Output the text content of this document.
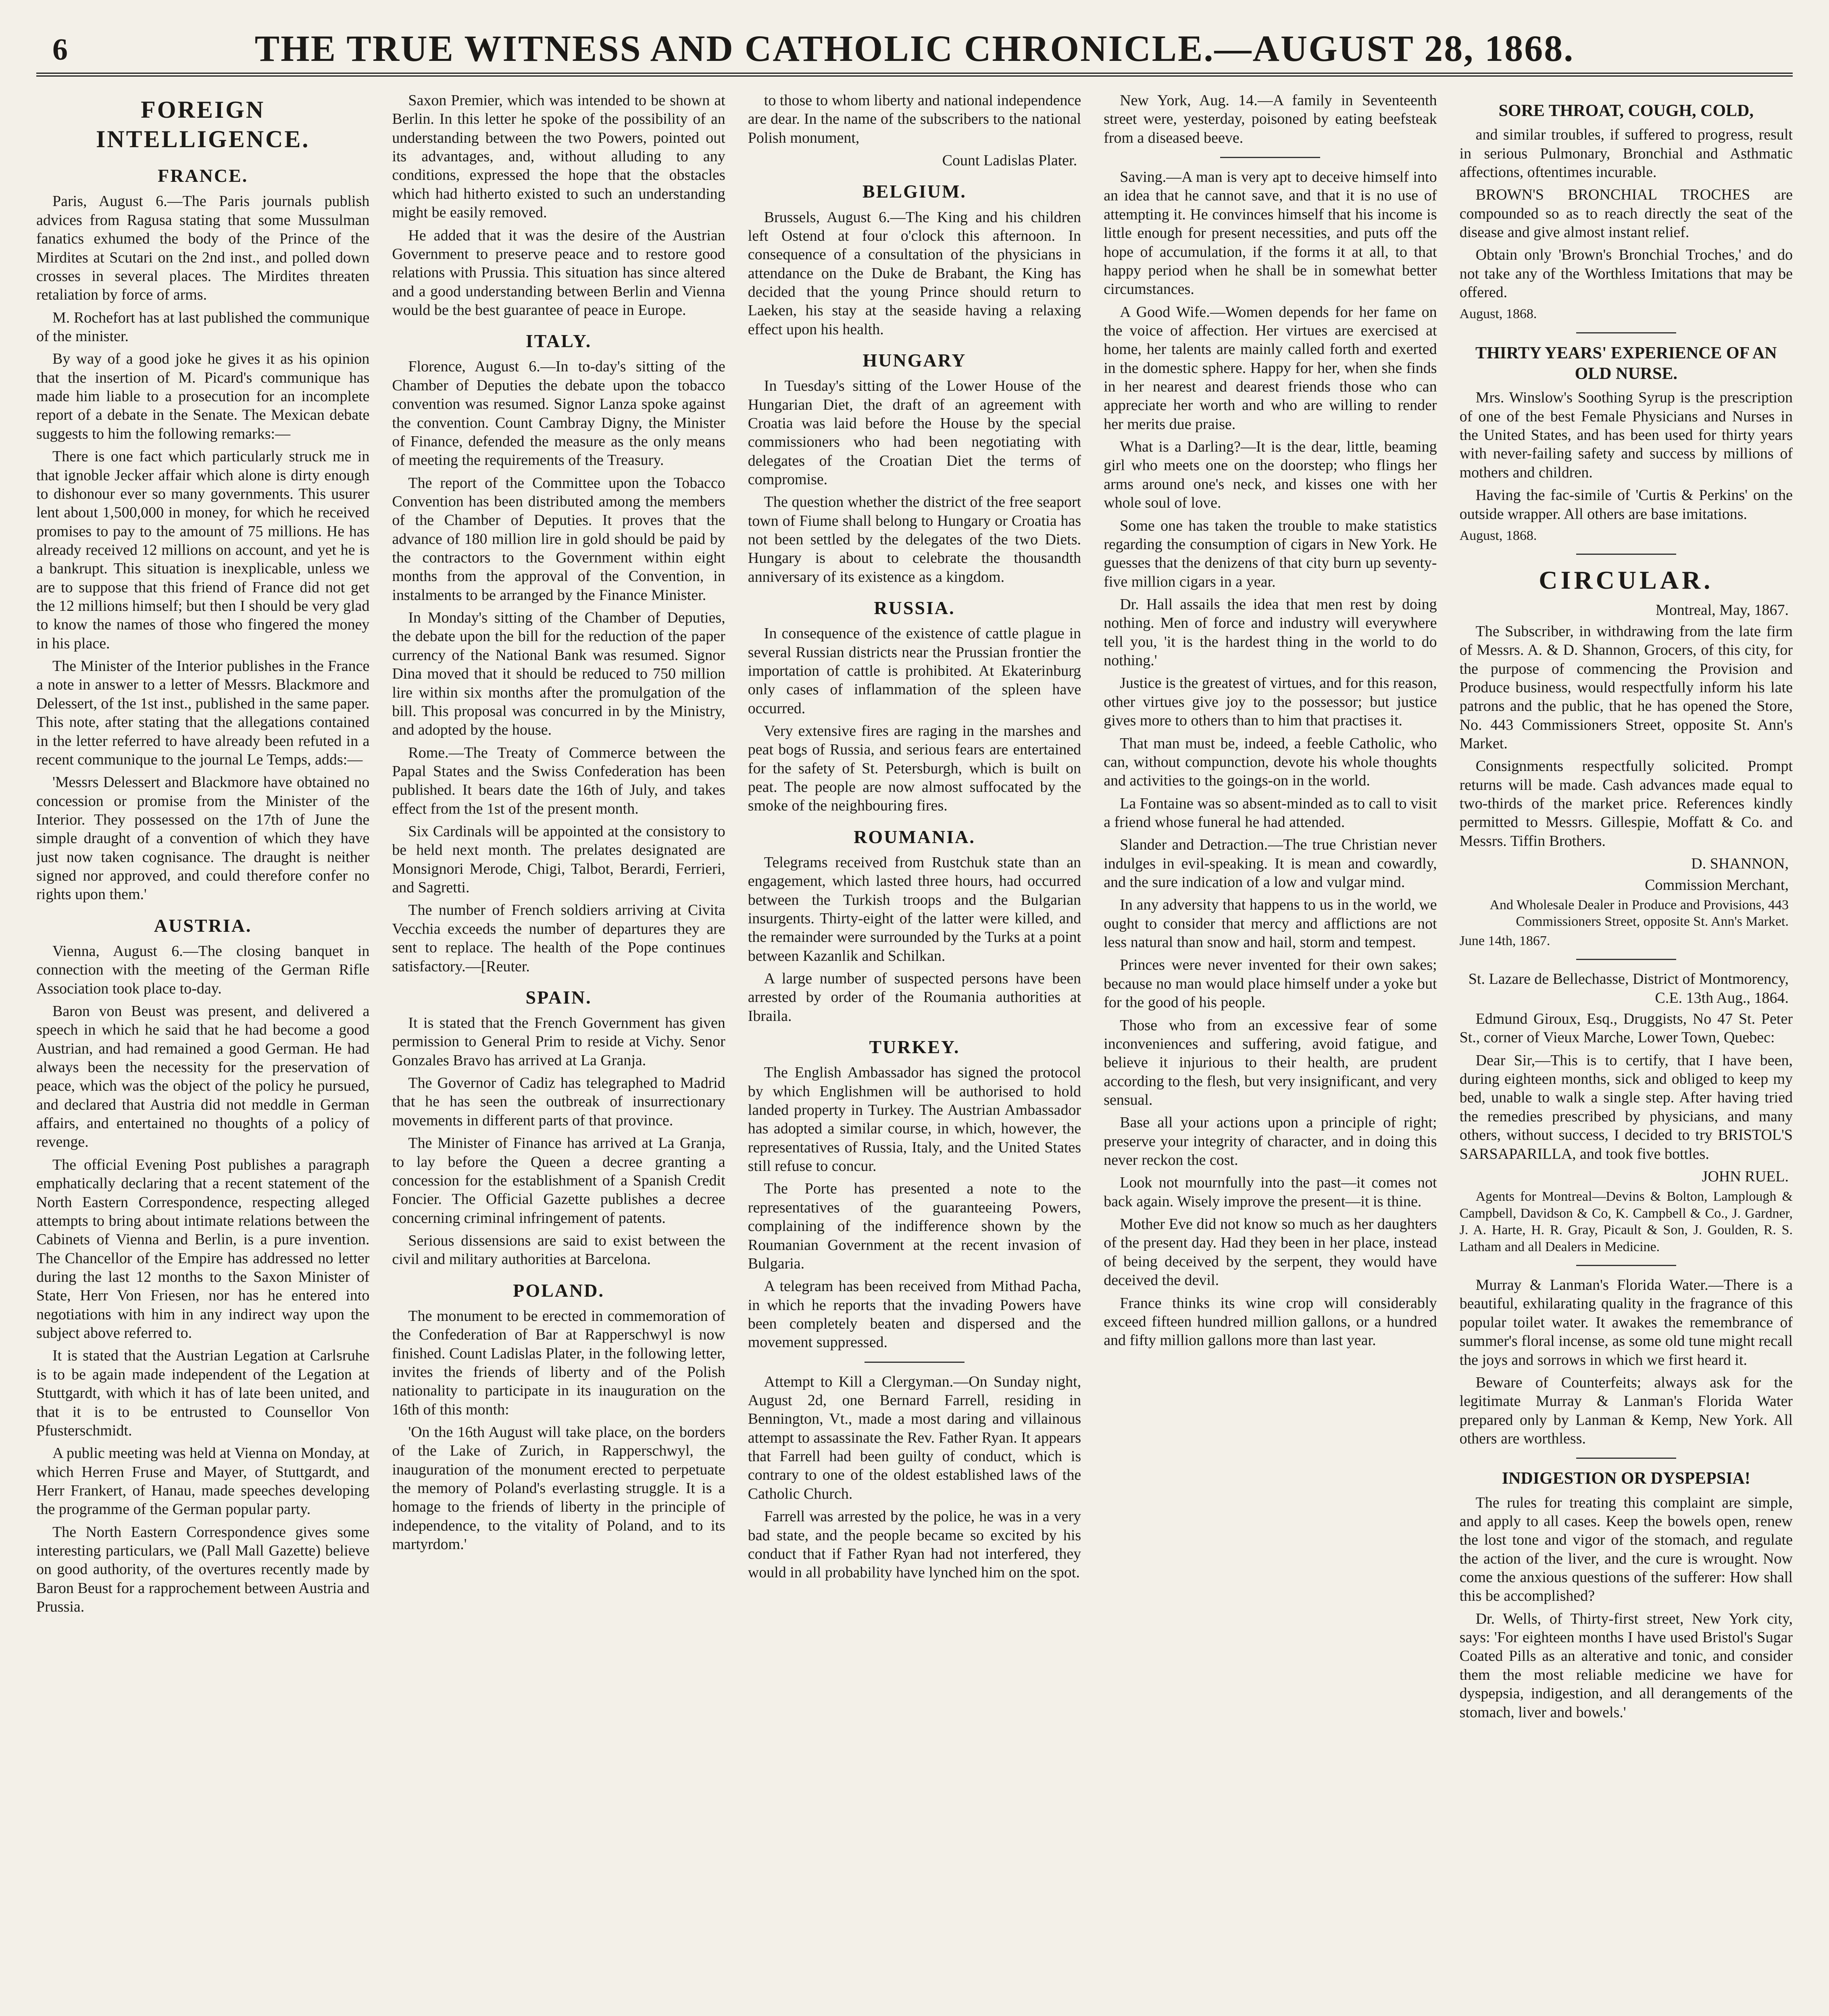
6	THE TRUE WITNESS AND CATHOLIC CHRONICLE.—AUGUST 28, 1868.
FOREIGN INTELLIGENCE.
FRANCE.

Paris, August 6.—The Paris journals publish advices from Ragusa stating that some Mussulman fanatics exhumed the body of the Prince of the Mirdites at Scutari on the 2nd inst., and polled down crosses in several places. The Mirdites threaten retaliation by force of arms.

M. Rochefort has at last published the communique of the minister.

By way of a good joke he gives it as his opinion that the insertion of M. Picard's communique has made him liable to a prosecution for an incomplete report of a debate in the Senate. The Mexican debate suggests to him the following remarks:—

There is one fact which particularly struck me in that ignoble Jecker affair which alone is dirty enough to dishonour ever so many governments. This usurer lent about 1,500,000 in money, for which he received promises to pay to the amount of 75 millions. He has already received 12 millions on account, and yet he is a bankrupt. This situation is inexplicable, unless we are to suppose that this friend of France did not get the 12 millions himself; but then I should be very glad to know the names of those who fingered the money in his place.

The Minister of the Interior publishes in the France a note in answer to a letter of Messrs. Blackmore and Delessert, of the 1st inst., published in the same paper. This note, after stating that the allegations contained in the letter referred to have already been refuted in a recent communique to the journal Le Temps, adds:—

'Messrs Delessert and Blackmore have obtained no concession or promise from the Minister of the Interior. They possessed on the 17th of June the simple draught of a convention of which they have just now taken cognisance. The draught is neither signed nor approved, and could therefore confer no rights upon them.'

AUSTRIA.

Vienna, August 6.—The closing banquet in connection with the meeting of the German Rifle Association took place to-day.

Baron von Beust was present, and delivered a speech in which he said that he had become a good Austrian, and had remained a good German. He had always been the necessity for the preservation of peace, which was the object of the policy he pursued, and declared that Austria did not meddle in German affairs, and entertained no thoughts of a policy of revenge.

The official Evening Post publishes a paragraph emphatically declaring that a recent statement of the North Eastern Correspondence, respecting alleged attempts to bring about intimate relations between the Cabinets of Vienna and Berlin, is a pure invention. The Chancellor of the Empire has addressed no letter during the last 12 months to the Saxon Minister of State, Herr Von Friesen, nor has he entered into negotiations with him in any indirect way upon the subject above referred to.

It is stated that the Austrian Legation at Carlsruhe is to be again made independent of the Legation at Stuttgardt, with which it has of late been united, and that it is to be entrusted to Counsellor Von Pfusterschmidt.

A public meeting was held at Vienna on Monday, at which Herren Fruse and Mayer, of Stuttgardt, and Herr Frankert, of Hanau, made speeches developing the programme of the German popular party.

The North Eastern Correspondence gives some interesting particulars, we (Pall Mall Gazette) believe on good authority, of the overtures recently made by Baron Beust for a rapprochement between Austria and Prussia.

Saxon Premier, which was intended to be shown at Berlin. In this letter he spoke of the possibility of an understanding between the two Powers, pointed out its advantages, and, without alluding to any conditions, expressed the hope that the obstacles which had hitherto existed to such an understanding might be easily removed.

He added that it was the desire of the Austrian Government to preserve peace and to restore good relations with Prussia. This situation has since altered and a good understanding between Berlin and Vienna would be the best guarantee of peace in Europe.

ITALY.

Florence, August 6.—In to-day's sitting of the Chamber of Deputies the debate upon the tobacco convention was resumed. Signor Lanza spoke against the convention. Count Cambray Digny, the Minister of Finance, defended the measure as the only means of meeting the requirements of the Treasury.

The report of the Committee upon the Tobacco Convention has been distributed among the members of the Chamber of Deputies. It proves that the advance of 180 million lire in gold should be paid by the contractors to the Government within eight months from the approval of the Convention, in instalments to be arranged by the Finance Minister.

In Monday's sitting of the Chamber of Deputies, the debate upon the bill for the reduction of the paper currency of the National Bank was resumed. Signor Dina moved that it should be reduced to 750 million lire within six months after the promulgation of the bill. This proposal was concurred in by the Ministry, and adopted by the house.

Rome.—The Treaty of Commerce between the Papal States and the Swiss Confederation has been published. It bears date the 16th of July, and takes effect from the 1st of the present month.

Six Cardinals will be appointed at the consistory to be held next month. The prelates designated are Monsignori Merode, Chigi, Talbot, Berardi, Ferrieri, and Sagretti.

The number of French soldiers arriving at Civita Vecchia exceeds the number of departures they are sent to replace. The health of the Pope continues satisfactory.—[Reuter.

SPAIN.

It is stated that the French Government has given permission to General Prim to reside at Vichy. Senor Gonzales Bravo has arrived at La Granja.

The Governor of Cadiz has telegraphed to Madrid that he has seen the outbreak of insurrectionary movements in different parts of that province.

The Minister of Finance has arrived at La Granja, to lay before the Queen a decree granting a concession for the establishment of a Spanish Credit Foncier. The Official Gazette publishes a decree concerning criminal infringement of patents.

Serious dissensions are said to exist between the civil and military authorities at Barcelona.

POLAND.

The monument to be erected in commemoration of the Confederation of Bar at Rapperschwyl is now finished. Count Ladislas Plater, in the following letter, invites the friends of liberty and of the Polish nationality to participate in its inauguration on the 16th of this month:

'On the 16th August will take place, on the borders of the Lake of Zurich, in Rapperschwyl, the inauguration of the monument erected to perpetuate the memory of Poland's everlasting struggle. It is a homage to the friends of liberty in the principle of independence, to the vitality of Poland, and to its martyrdom.'

to those to whom liberty and national independence are dear. In the name of the subscribers to the national Polish monument,

Count Ladislas Plater.
BELGIUM.

Brussels, August 6.—The King and his children left Ostend at four o'clock this afternoon. In consequence of a consultation of the physicians in attendance on the Duke de Brabant, the King has decided that the young Prince should return to Laeken, his stay at the seaside having a relaxing effect upon his health.

HUNGARY

In Tuesday's sitting of the Lower House of the Hungarian Diet, the draft of an agreement with Croatia was laid before the House by the special commissioners who had been negotiating with delegates of the Croatian Diet the terms of compromise.

The question whether the district of the free seaport town of Fiume shall belong to Hungary or Croatia has not been settled by the delegates of the two Diets. Hungary is about to celebrate the thousandth anniversary of its existence as a kingdom.

RUSSIA.

In consequence of the existence of cattle plague in several Russian districts near the Prussian frontier the importation of cattle is prohibited. At Ekaterinburg only cases of inflammation of the spleen have occurred.

Very extensive fires are raging in the marshes and peat bogs of Russia, and serious fears are entertained for the safety of St. Petersburgh, which is built on peat. The people are now almost suffocated by the smoke of the neighbouring fires.

ROUMANIA.

Telegrams received from Rustchuk state than an engagement, which lasted three hours, had occurred between the Turkish troops and the Bulgarian insurgents. Thirty-eight of the latter were killed, and the remainder were surrounded by the Turks at a point between Kazanlik and Schilkan.

A large number of suspected persons have been arrested by order of the Roumania authorities at Ibraila.

TURKEY.

The English Ambassador has signed the protocol by which Englishmen will be authorised to hold landed property in Turkey. The Austrian Ambassador has adopted a similar course, in which, however, the representatives of Russia, Italy, and the United States still refuse to concur.

The Porte has presented a note to the representatives of the guaranteeing Powers, complaining of the indifference shown by the Roumanian Government at the recent invasion of Bulgaria.

A telegram has been received from Mithad Pacha, in which he reports that the invading Powers have been completely beaten and dispersed and the movement suppressed.

Attempt to Kill a Clergyman.—On Sunday night, August 2d, one Bernard Farrell, residing in Bennington, Vt., made a most daring and villainous attempt to assassinate the Rev. Father Ryan. It appears that Farrell had been guilty of conduct, which is contrary to one of the oldest established laws of the Catholic Church.

Farrell was arrested by the police, he was in a very bad state, and the people became so excited by his conduct that if Father Ryan had not interfered, they would in all probability have lynched him on the spot.

New York, Aug. 14.—A family in Seventeenth street were, yesterday, poisoned by eating beefsteak from a diseased beeve.

Saving.—A man is very apt to deceive himself into an idea that he cannot save, and that it is no use of attempting it. He convinces himself that his income is little enough for present necessities, and puts off the hope of accumulation, if the forms it at all, to that happy period when he shall be in somewhat better circumstances.

A Good Wife.—Women depends for her fame on the voice of affection. Her virtues are exercised at home, her talents are mainly called forth and exerted in the domestic sphere. Happy for her, when she finds in her nearest and dearest friends those who can appreciate her worth and who are willing to render her merits due praise.

What is a Darling?—It is the dear, little, beaming girl who meets one on the doorstep; who flings her arms around one's neck, and kisses one with her whole soul of love.

Some one has taken the trouble to make statistics regarding the consumption of cigars in New York. He guesses that the denizens of that city burn up seventy-five million cigars in a year.

Dr. Hall assails the idea that men rest by doing nothing. Men of force and industry will everywhere tell you, 'it is the hardest thing in the world to do nothing.'

Justice is the greatest of virtues, and for this reason, other virtues give joy to the possessor; but justice gives more to others than to him that practises it.

That man must be, indeed, a feeble Catholic, who can, without compunction, devote his whole thoughts and activities to the goings-on in the world.

La Fontaine was so absent-minded as to call to visit a friend whose funeral he had attended.

Slander and Detraction.—The true Christian never indulges in evil-speaking. It is mean and cowardly, and the sure indication of a low and vulgar mind.

In any adversity that happens to us in the world, we ought to consider that mercy and afflictions are not less natural than snow and hail, storm and tempest.

Princes were never invented for their own sakes; because no man would place himself under a yoke but for the good of his people.

Those who from an excessive fear of some inconveniences and suffering, avoid fatigue, and believe it injurious to their health, are prudent according to the flesh, but very insignificant, and very sensual.

Base all your actions upon a principle of right; preserve your integrity of character, and in doing this never reckon the cost.

Look not mournfully into the past—it comes not back again. Wisely improve the present—it is thine.

Mother Eve did not know so much as her daughters of the present day. Had they been in her place, instead of being deceived by the serpent, they would have deceived the devil.

France thinks its wine crop will considerably exceed fifteen hundred million gallons, or a hundred and fifty million gallons more than last year.

SORE THROAT, COUGH, COLD,

and similar troubles, if suffered to progress, result in serious Pulmonary, Bronchial and Asthmatic affections, oftentimes incurable.

BROWN'S BRONCHIAL TROCHES are compounded so as to reach directly the seat of the disease and give almost instant relief.

Obtain only 'Brown's Bronchial Troches,' and do not take any of the Worthless Imitations that may be offered.

August, 1868.
THIRTY YEARS' EXPERIENCE OF AN OLD NURSE.

Mrs. Winslow's Soothing Syrup is the prescription of one of the best Female Physicians and Nurses in the United States, and has been used for thirty years with never-failing safety and success by millions of mothers and children.

Having the fac-simile of 'Curtis & Perkins' on the outside wrapper. All others are base imitations.

August, 1868.
CIRCULAR.
Montreal, May, 1867.

The Subscriber, in withdrawing from the late firm of Messrs. A. & D. Shannon, Grocers, of this city, for the purpose of commencing the Provision and Produce business, would respectfully inform his late patrons and the public, that he has opened the Store, No. 443 Commissioners Street, opposite St. Ann's Market.

Consignments respectfully solicited. Prompt returns will be made. Cash advances made equal to two-thirds of the market price. References kindly permitted to Messrs. Gillespie, Moffatt & Co. and Messrs. Tiffin Brothers.

D. SHANNON,
Commission Merchant,
And Wholesale Dealer in Produce and Provisions, 443 Commissioners Street, opposite St. Ann's Market.
June 14th, 1867.
St. Lazare de Bellechasse, District of Montmorency, C.E. 13th Aug., 1864.

Edmund Giroux, Esq., Druggists, No 47 St. Peter St., corner of Vieux Marche, Lower Town, Quebec:

Dear Sir,—This is to certify, that I have been, during eighteen months, sick and obliged to keep my bed, unable to walk a single step. After having tried the remedies prescribed by physicians, and many others, without success, I decided to try BRISTOL'S SARSAPARILLA, and took five bottles.

JOHN RUEL.

Agents for Montreal—Devins & Bolton, Lamplough & Campbell, Davidson & Co, K. Campbell & Co., J. Gardner, J. A. Harte, H. R. Gray, Picault & Son, J. Goulden, R. S. Latham and all Dealers in Medicine.

Murray & Lanman's Florida Water.—There is a beautiful, exhilarating quality in the fragrance of this popular toilet water. It awakes the remembrance of summer's floral incense, as some old tune might recall the joys and sorrows in which we first heard it.

Beware of Counterfeits; always ask for the legitimate Murray & Lanman's Florida Water prepared only by Lanman & Kemp, New York. All others are worthless.

INDIGESTION OR DYSPEPSIA!

The rules for treating this complaint are simple, and apply to all cases. Keep the bowels open, renew the lost tone and vigor of the stomach, and regulate the action of the liver, and the cure is wrought. Now come the anxious questions of the sufferer: How shall this be accomplished?

Dr. Wells, of Thirty-first street, New York city, says: 'For eighteen months I have used Bristol's Sugar Coated Pills as an alterative and tonic, and consider them the most reliable medicine we have for dyspepsia, indigestion, and all derangements of the stomach, liver and bowels.'
